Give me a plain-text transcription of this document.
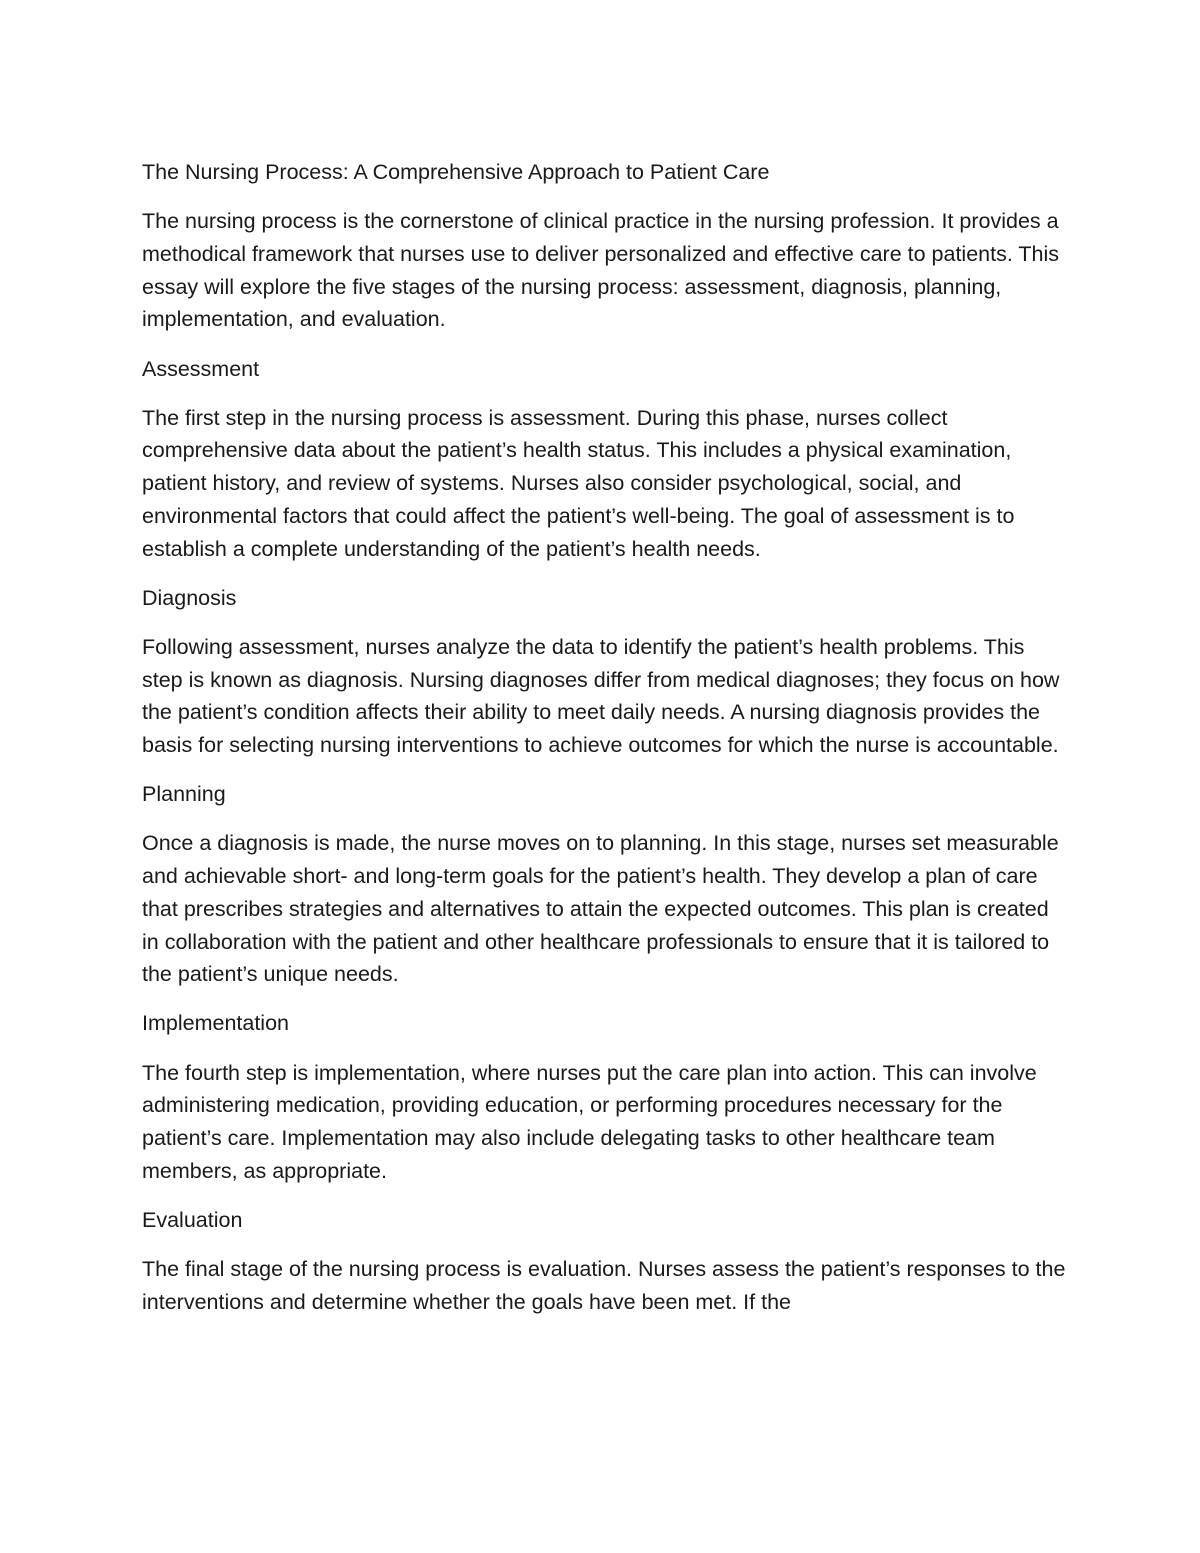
The Nursing Process: A Comprehensive Approach to Patient Care

The nursing process is the cornerstone of clinical practice in the nursing profession. It provides a methodical framework that nurses use to deliver personalized and effective care to patients. This essay will explore the five stages of the nursing process: assessment, diagnosis, planning, implementation, and evaluation.

Assessment

The first step in the nursing process is assessment. During this phase, nurses collect comprehensive data about the patient’s health status. This includes a physical examination, patient history, and review of systems. Nurses also consider psychological, social, and environmental factors that could affect the patient’s well-being. The goal of assessment is to establish a complete understanding of the patient’s health needs.

Diagnosis

Following assessment, nurses analyze the data to identify the patient’s health problems. This step is known as diagnosis. Nursing diagnoses differ from medical diagnoses; they focus on how the patient’s condition affects their ability to meet daily needs. A nursing diagnosis provides the basis for selecting nursing interventions to achieve outcomes for which the nurse is accountable.

Planning

Once a diagnosis is made, the nurse moves on to planning. In this stage, nurses set measurable and achievable short- and long-term goals for the patient’s health. They develop a plan of care that prescribes strategies and alternatives to attain the expected outcomes. This plan is created in collaboration with the patient and other healthcare professionals to ensure that it is tailored to the patient’s unique needs.

Implementation

The fourth step is implementation, where nurses put the care plan into action. This can involve administering medication, providing education, or performing procedures necessary for the patient’s care. Implementation may also include delegating tasks to other healthcare team members, as appropriate.

Evaluation

The final stage of the nursing process is evaluation. Nurses assess the patient’s responses to the interventions and determine whether the goals have been met. If the
